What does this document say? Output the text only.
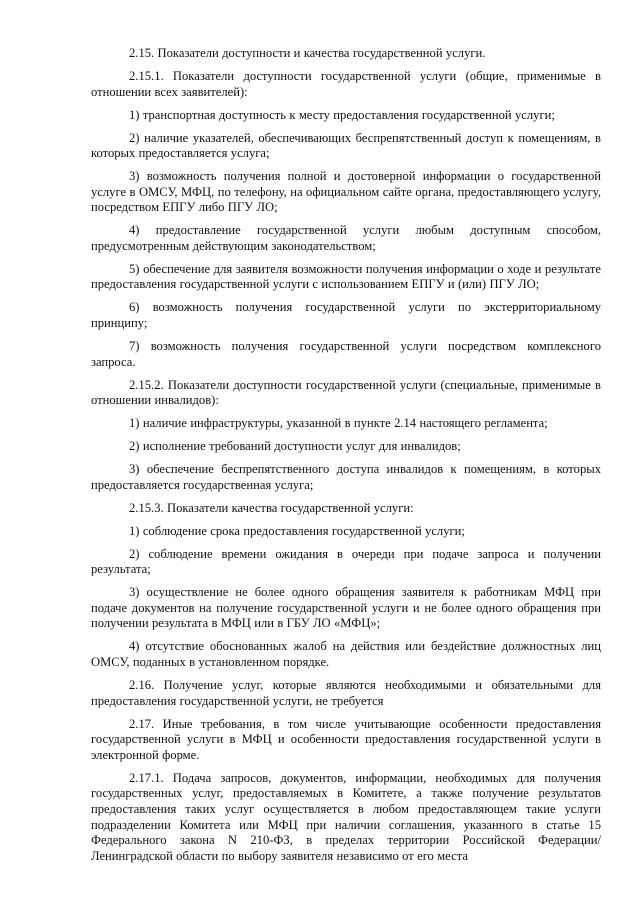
2.15. Показатели доступности и качества государственной услуги.

2.15.1. Показатели доступности государственной услуги (общие, применимые в отношении всех заявителей):

1) транспортная доступность к месту предоставления государственной услуги;

2) наличие указателей, обеспечивающих беспрепятственный доступ к помещениям, в которых предоставляется услуга;

3) возможность получения полной и достоверной информации о государственной услуге в ОМСУ, МФЦ, по телефону, на официальном сайте органа, предоставляющего услугу, посредством ЕПГУ либо ПГУ ЛО;

4) предоставление государственной услуги любым доступным способом, предусмотренным действующим законодательством;

5) обеспечение для заявителя возможности получения информации о ходе и результате предоставления государственной услуги с использованием ЕПГУ и (или) ПГУ ЛО;

6) возможность получения государственной услуги по экстерриториальному принципу;

7) возможность получения государственной услуги посредством комплексного запроса.

2.15.2. Показатели доступности государственной услуги (специальные, применимые в отношении инвалидов):

1) наличие инфраструктуры, указанной в пункте 2.14 настоящего регламента;

2) исполнение требований доступности услуг для инвалидов;

3) обеспечение беспрепятственного доступа инвалидов к помещениям, в которых предоставляется государственная услуга;

2.15.3. Показатели качества государственной услуги:

1) соблюдение срока предоставления государственной услуги;

2) соблюдение времени ожидания в очереди при подаче запроса и получении результата;

3) осуществление не более одного обращения заявителя к работникам МФЦ при подаче документов на получение государственной услуги и не более одного обращения при получении результата в МФЦ или в ГБУ ЛО «МФЦ»;

4) отсутствие обоснованных жалоб на действия или бездействие должностных лиц ОМСУ, поданных в установленном порядке.

2.16. Получение услуг, которые являются необходимыми и обязательными для предоставления государственной услуги, не требуется

2.17. Иные требования, в том числе учитывающие особенности предоставления государственной услуги в МФЦ и особенности предоставления государственной услуги в электронной форме.

2.17.1. Подача запросов, документов, информации, необходимых для получения государственных услуг, предоставляемых в Комитете, а также получение результатов предоставления таких услуг осуществляется в любом предоставляющем такие услуги подразделении Комитета или МФЦ при наличии соглашения, указанного в статье 15 Федерального закона N 210-ФЗ, в пределах территории Российской Федерации/Ленинградской области по выбору заявителя независимо от его места
